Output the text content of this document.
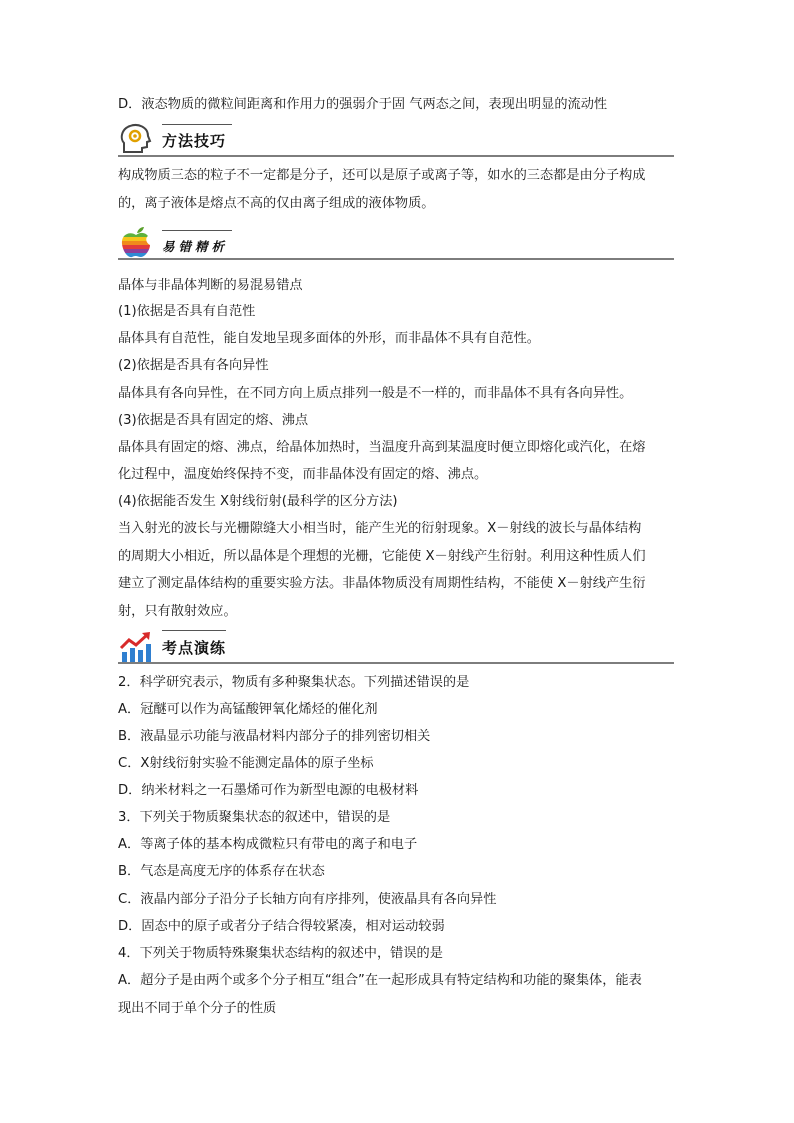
D．液态物质的微粒间距离和作用力的强弱介于固 气两态之间，表现出明显的流动性
方法技巧
构成物质三态的粒子不一定都是分子，还可以是原子或离子等，如水的三态都是由分子构成
的，离子液体是熔点不高的仅由离子组成的液体物质。
易错精析
晶体与非晶体判断的易混易错点
(1)依据是否具有自范性
晶体具有自范性，能自发地呈现多面体的外形，而非晶体不具有自范性。
(2)依据是否具有各向异性
晶体具有各向异性，在不同方向上质点排列一般是不一样的，而非晶体不具有各向异性。
(3)依据是否具有固定的熔、沸点
晶体具有固定的熔、沸点，给晶体加热时，当温度升高到某温度时便立即熔化或汽化，在熔
化过程中，温度始终保持不变，而非晶体没有固定的熔、沸点。
(4)依据能否发生 X射线衍射(最科学的区分方法)
当入射光的波长与光栅隙缝大小相当时，能产生光的衍射现象。X－射线的波长与晶体结构
的周期大小相近，所以晶体是个理想的光栅，它能使 X－射线产生衍射。利用这种性质人们
建立了测定晶体结构的重要实验方法。非晶体物质没有周期性结构，不能使 X－射线产生衍
射，只有散射效应。
考点演练
2．科学研究表示，物质有多种聚集状态。下列描述错误的是
A．冠醚可以作为高锰酸钾氧化烯烃的催化剂
B．液晶显示功能与液晶材料内部分子的排列密切相关
C．X射线衍射实验不能测定晶体的原子坐标
D．纳米材料之一石墨烯可作为新型电源的电极材料
3．下列关于物质聚集状态的叙述中，错误的是
A．等离子体的基本构成微粒只有带电的离子和电子
B．气态是高度无序的体系存在状态
C．液晶内部分子沿分子长轴方向有序排列，使液晶具有各向异性
D．固态中的原子或者分子结合得较紧凑，相对运动较弱
4．下列关于物质特殊聚集状态结构的叙述中，错误的是
A．超分子是由两个或多个分子相互“组合”在一起形成具有特定结构和功能的聚集体，能表
现出不同于单个分子的性质
